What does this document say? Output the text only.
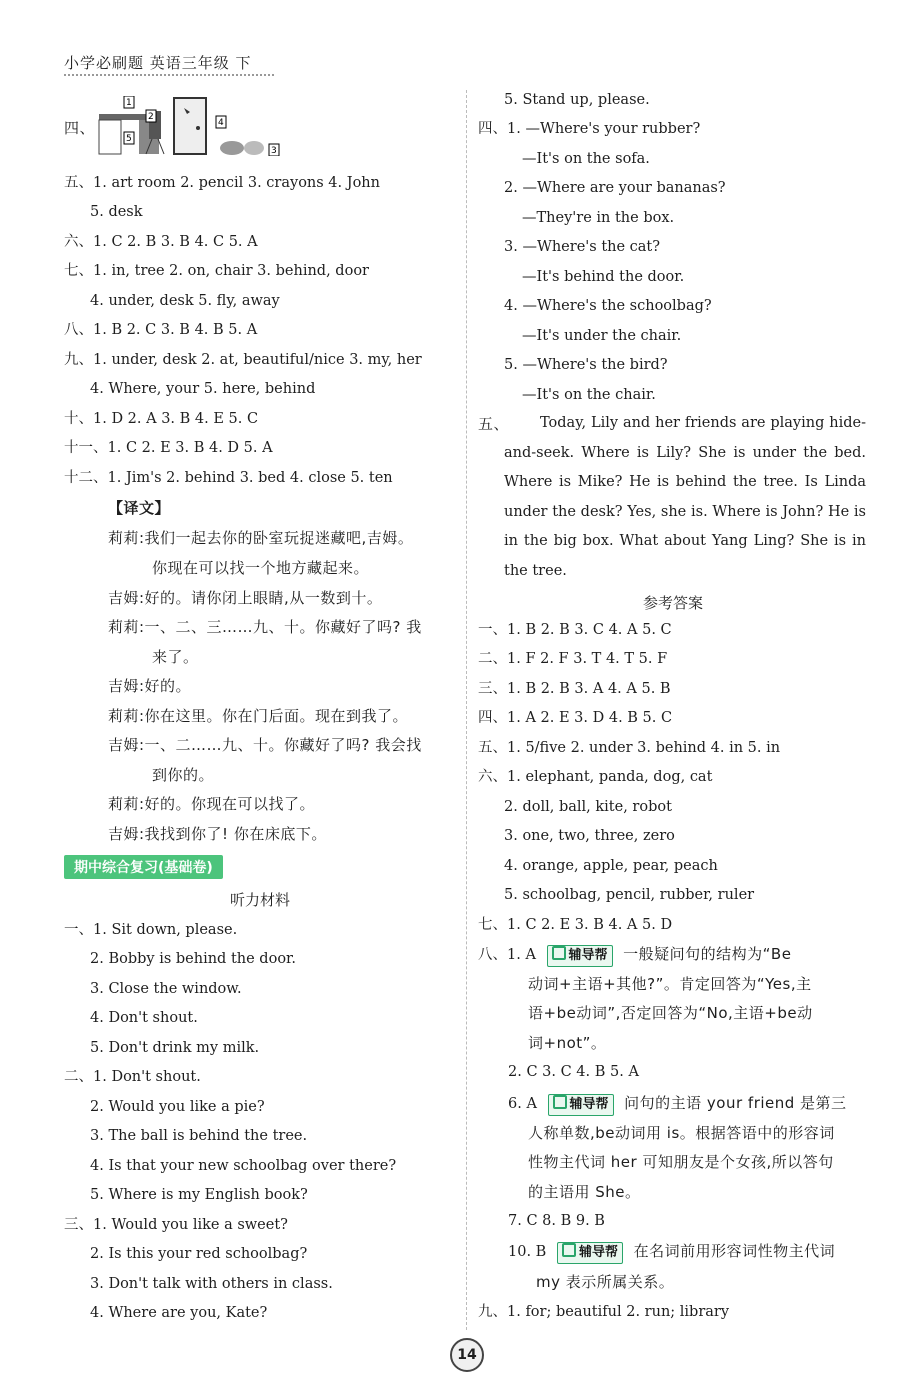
小学必刷题 英语三年级 下
四、
1
2
5
4
3
五、1. art room 2. pencil 3. crayons 4. John
5. desk
六、1. C 2. B 3. B 4. C 5. A
七、1. in, tree 2. on, chair 3. behind, door
4. under, desk 5. fly, away
八、1. B 2. C 3. B 4. B 5. A
九、1. under, desk 2. at, beautiful/nice 3. my, her
4. Where, your 5. here, behind
十、1. D 2. A 3. B 4. E 5. C
十一、1. C 2. E 3. B 4. D 5. A
十二、1. Jim's 2. behind 3. bed 4. close 5. ten
【译文】
莉莉:我们一起去你的卧室玩捉迷藏吧,吉姆。
你现在可以找一个地方藏起来。
吉姆:好的。请你闭上眼睛,从一数到十。
莉莉:一、二、三……九、十。你藏好了吗? 我
来了。
吉姆:好的。
莉莉:你在这里。你在门后面。现在到我了。
吉姆:一、二……九、十。你藏好了吗? 我会找
到你的。
莉莉:好的。你现在可以找了。
吉姆:我找到你了! 你在床底下。
期中综合复习(基础卷)
听力材料
一、1. Sit down, please.
2. Bobby is behind the door.
3. Close the window.
4. Don't shout.
5. Don't drink my milk.
二、1. Don't shout.
2. Would you like a pie?
3. The ball is behind the tree.
4. Is that your new schoolbag over there?
5. Where is my English book?
三、1. Would you like a sweet?
2. Is this your red schoolbag?
3. Don't talk with others in class.
4. Where are you, Kate?
5. Stand up, please.
四、1. —Where's your rubber?
—It's on the sofa.
2. —Where are your bananas?
—They're in the box.
3. —Where's the cat?
—It's behind the door.
4. —Where's the schoolbag?
—It's under the chair.
5. —Where's the bird?
—It's on the chair.
五、	Today, Lily and her friends are playing hide-and-seek. Where is Lily? She is under the bed. Where is Mike? He is behind the tree. Is Linda under the desk? Yes, she is. Where is John? He is in the big box. What about Yang Ling? She is in the tree.
参考答案
一、1. B 2. B 3. C 4. A 5. C
二、1. F 2. F 3. T 4. T 5. F
三、1. B 2. B 3. A 4. A 5. B
四、1. A 2. E 3. D 4. B 5. C
五、1. 5/five 2. under 3. behind 4. in 5. in
六、1. elephant, panda, dog, cat
2. doll, ball, kite, robot
3. one, two, three, zero
4. orange, apple, pear, peach
5. schoolbag, pencil, rubber, ruler
七、1. C 2. E 3. B 4. A 5. D
八、1. A	辅导帮 一般疑问句的结构为“Be
动词+主语+其他?”。肯定回答为“Yes,主
语+be动词”,否定回答为“No,主语+be动
词+not”。
2. C 3. C 4. B 5. A
6. A	辅导帮 问句的主语 your friend 是第三
人称单数,be动词用 is。根据答语中的形容词
性物主代词 her 可知朋友是个女孩,所以答句
的主语用 She。
7. C 8. B 9. B
10. B	辅导帮 在名词前用形容词性物主代词
my 表示所属关系。
九、1. for; beautiful 2. run; library
14
